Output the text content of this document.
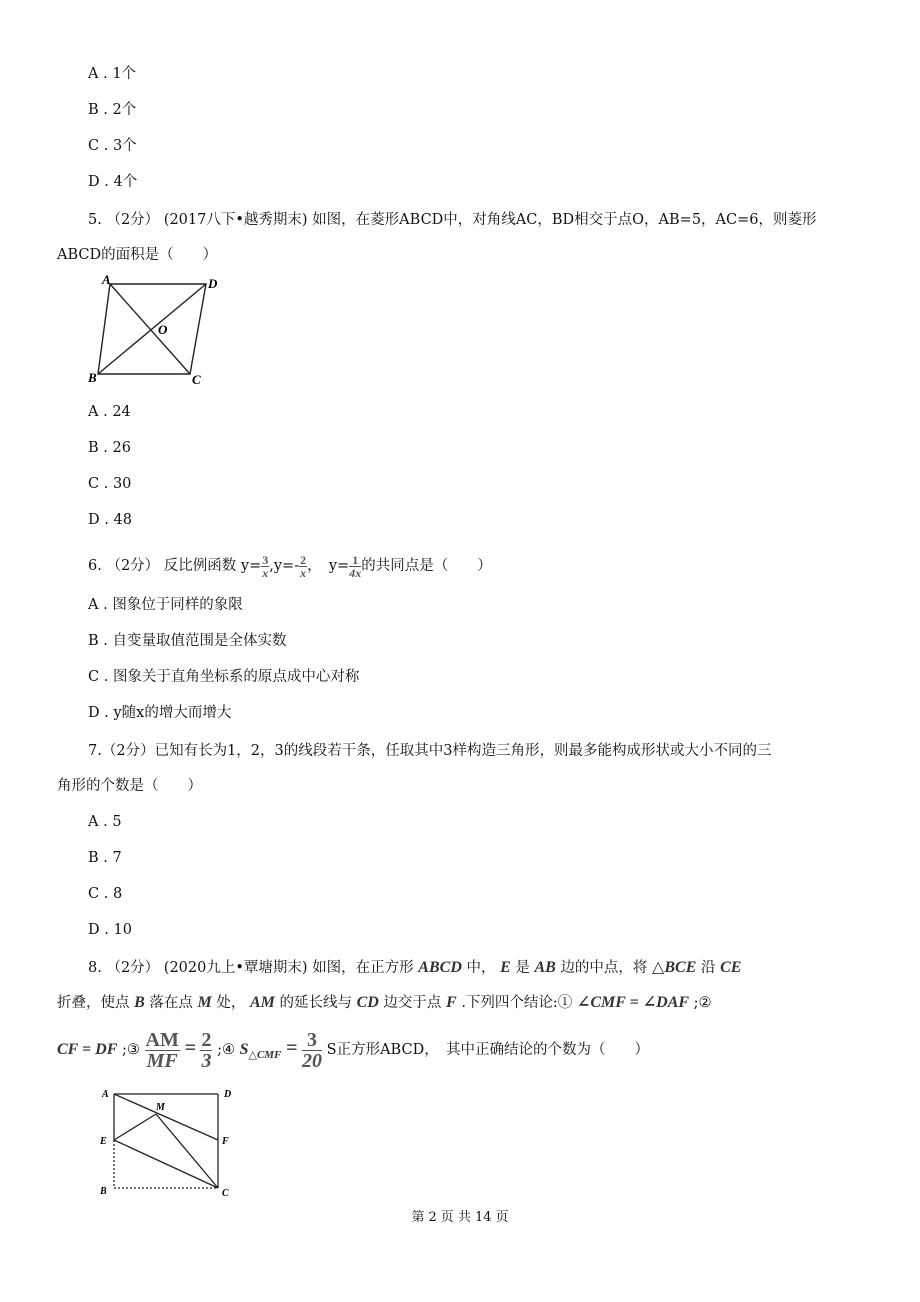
A . 1个
B . 2个
C . 3个
D . 4个
5. （2分） (2017八下•越秀期末) 如图，在菱形ABCD中，对角线AC，BD相交于点O，AB=5，AC=6，则菱形
ABCD的面积是（　　）
A	D
B	C
O
A . 24
B . 26
C . 30
D . 48
6. （2分） 反比例函数 $y= \frac{3}{x} ,y=- \frac{2}{x}$ ，　$y= \frac{1}{4x}$ 的共同点是（　　）
A . 图象位于同样的象限
B . 自变量取值范围是全体实数
C . 图象关于直角坐标系的原点成中心对称
D . y随x的增大而增大
7.（2分）已知有长为1，2，3的线段若干条，任取其中3样构造三角形，则最多能构成形状或大小不同的三
角形的个数是（　　）
A . 5
B . 7
C . 8
D . 10
8. （2分） (2020九上•覃塘期末) 如图，在正方形 ABCD 中， E 是 AB 边的中点，将 △BCE 沿 CE
折叠，使点 B 落在点 M 处， AM 的延长线与 CD 边交于点 F .下列四个结论:① ∠CMF = ∠DAF ;②
CF = DF ;③ $\frac{AM}{MF} = \frac{2}{3}$ ;④ $S_{\triangle CMF} = \frac{3}{20}$ S正方形ABCD，　其中正确结论的个数为（　　）
A	D
E	F
M
B	C
第 2 页 共 14 页
